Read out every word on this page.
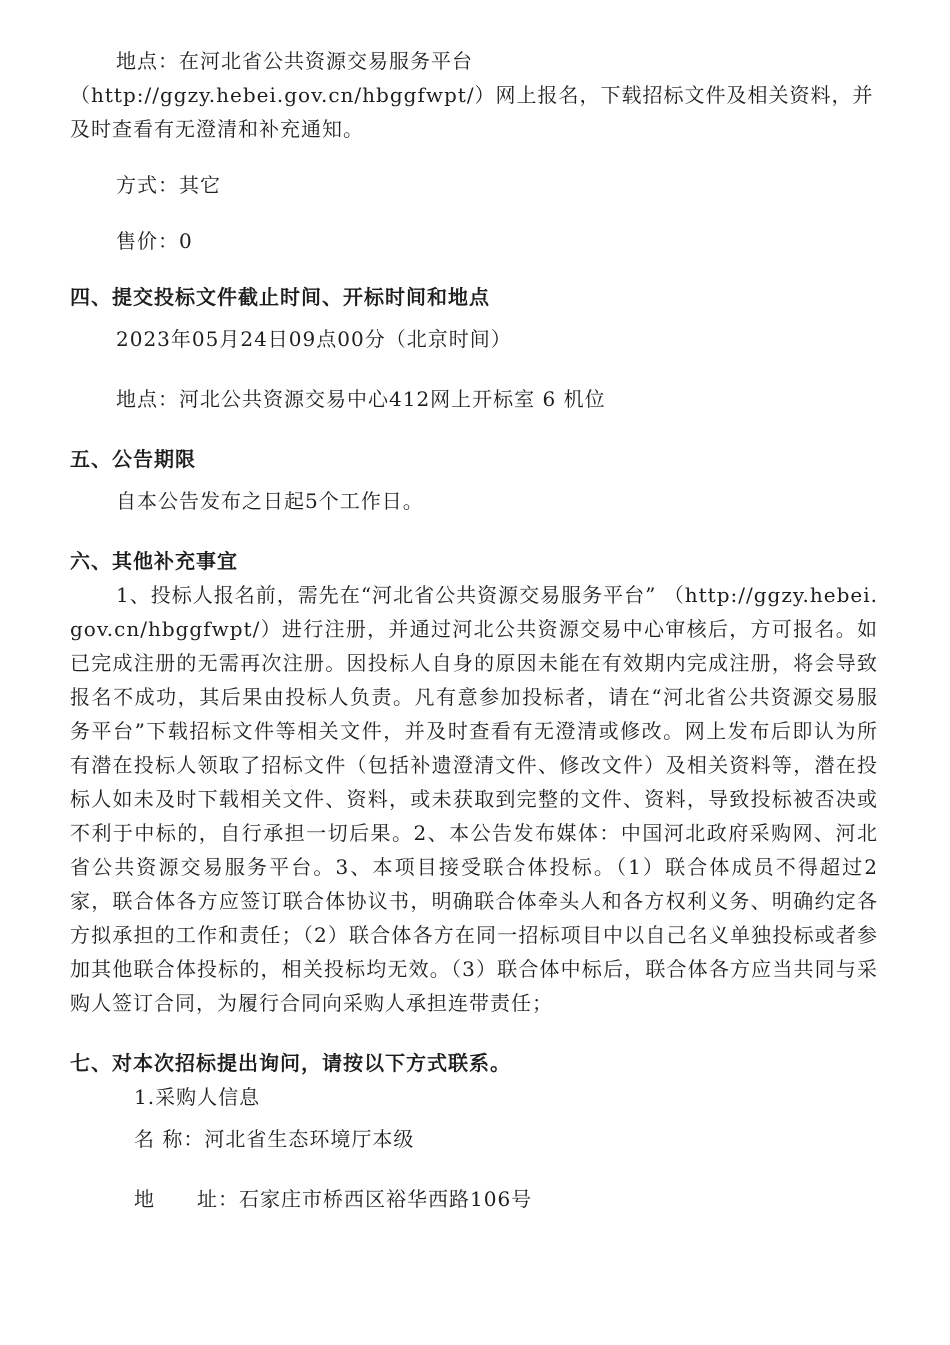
地点：在河北省公共资源交易服务平台

（http://ggzy.hebei.gov.cn/hbggfwpt/）网上报名，下载招标文件及相关资料，并及时查看有无澄清和补充通知。

方式：其它

售价：0

四、提交投标文件截止时间、开标时间和地点

2023年05月24日09点00分（北京时间）

地点：河北公共资源交易中心412网上开标室 6 机位

五、公告期限

自本公告发布之日起5个工作日。

六、其他补充事宜

1、投标人报名前，需先在“河北省公共资源交易服务平台” （http://ggzy.hebei.gov.cn/hbggfwpt/）进行注册，并通过河北公共资源交易中心审核后，方可报名。如已完成注册的无需再次注册。因投标人自身的原因未能在有效期内完成注册，将会导致报名不成功，其后果由投标人负责。凡有意参加投标者，请在“河北省公共资源交易服务平台”下载招标文件等相关文件，并及时查看有无澄清或修改。网上发布后即认为所有潜在投标人领取了招标文件（包括补遗澄清文件、修改文件）及相关资料等，潜在投标人如未及时下载相关文件、资料，或未获取到完整的文件、资料，导致投标被否决或不利于中标的，自行承担一切后果。2、本公告发布媒体：中国河北政府采购网、河北省公共资源交易服务平台。3、本项目接受联合体投标。（1）联合体成员不得超过2家，联合体各方应签订联合体协议书，明确联合体牵头人和各方权利义务、明确约定各方拟承担的工作和责任；（2）联合体各方在同一招标项目中以自己名义单独投标或者参加其他联合体投标的，相关投标均无效。（3）联合体中标后，联合体各方应当共同与采购人签订合同，为履行合同向采购人承担连带责任；

七、对本次招标提出询问，请按以下方式联系。

1.采购人信息

名 称：河北省生态环境厅本级

地　　址：石家庄市桥西区裕华西路106号
